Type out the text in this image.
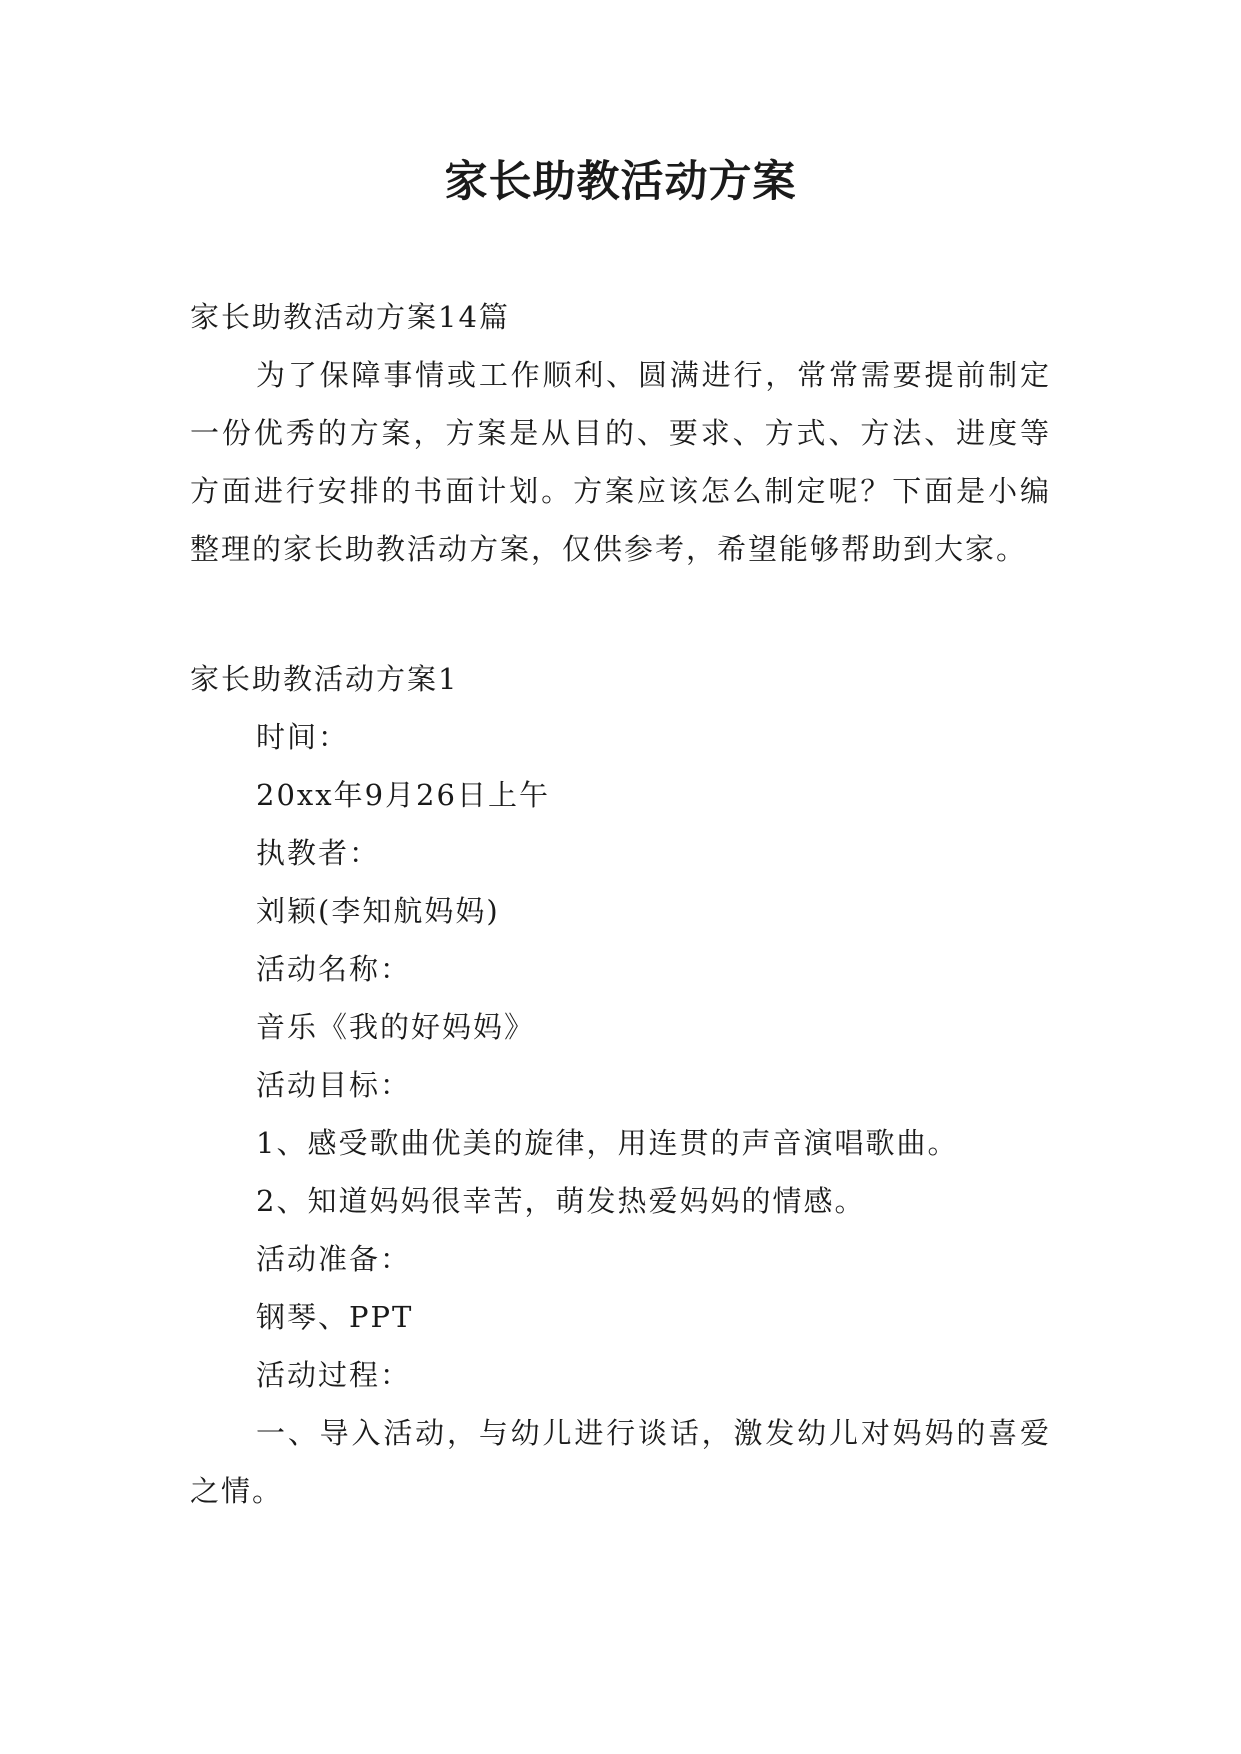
家长助教活动方案

家长助教活动方案14篇

为了保障事情或工作顺利、圆满进行，常常需要提前制定一份优秀的方案，方案是从目的、要求、方式、方法、进度等方面进行安排的书面计划。方案应该怎么制定呢？下面是小编整理的家长助教活动方案，仅供参考，希望能够帮助到大家。

家长助教活动方案1

时间：

20xx年9月26日上午

执教者：

刘颖(李知航妈妈)

活动名称：

音乐《我的好妈妈》

活动目标：

1、感受歌曲优美的旋律，用连贯的声音演唱歌曲。

2、知道妈妈很幸苦，萌发热爱妈妈的情感。

活动准备：

钢琴、PPT

活动过程：

一、导入活动，与幼儿进行谈话，激发幼儿对妈妈的喜爱之情。
